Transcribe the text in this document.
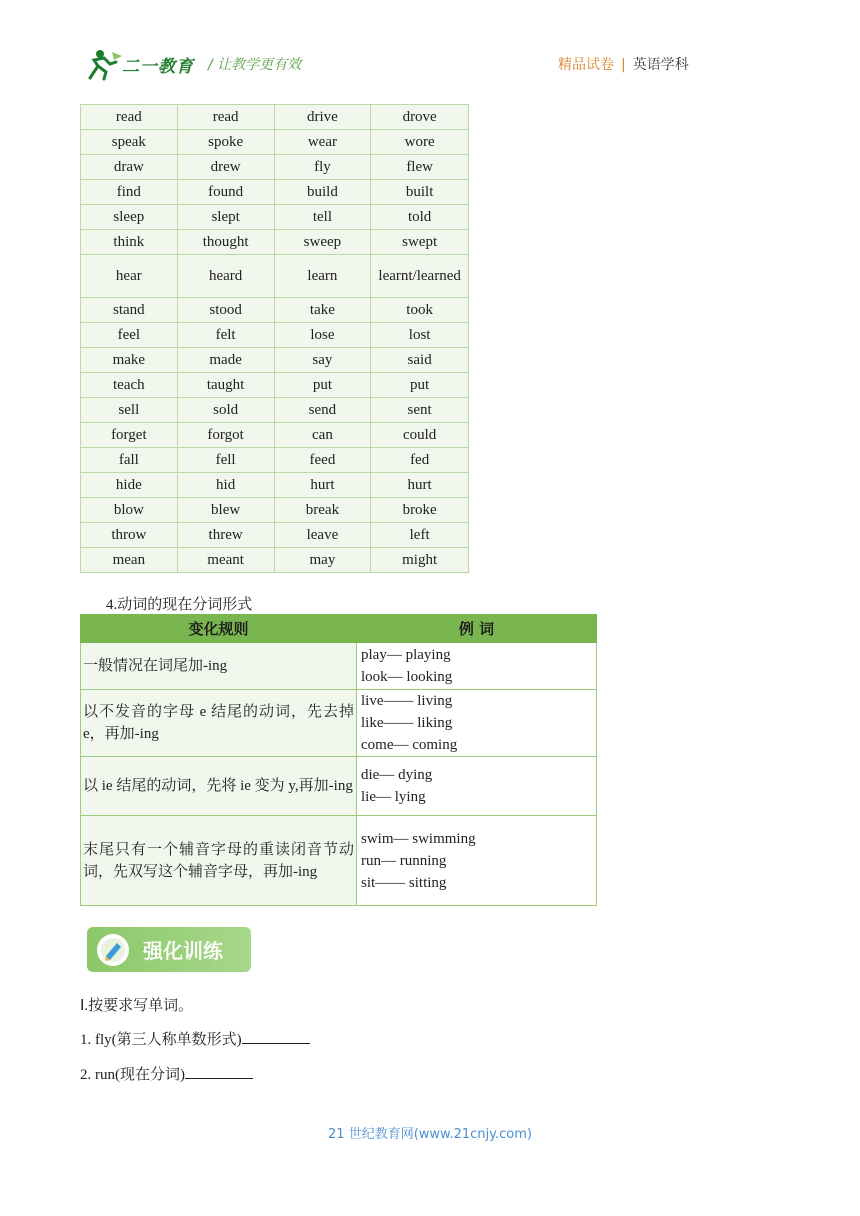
二一教育 / 让教学更有效	精品试卷 | 英语学科
read	read	drive	drove
speak	spoke	wear	wore
draw	drew	fly	flew
find	found	build	built
sleep	slept	tell	told
think	thought	sweep	swept
hear	heard	learn	learnt/learned
stand	stood	take	took
feel	felt	lose	lost
make	made	say	said
teach	taught	put	put
sell	sold	send	sent
forget	forgot	can	could
fall	fell	feed	fed
hide	hid	hurt	hurt
blow	blew	break	broke
throw	threw	leave	left
mean	meant	may	might
4.动词的现在分词形式
变化规则	例 词
一般情况在词尾加-ing	play— playing
look— looking

以不发音的字母 e 结尾的动词，先去掉 e，再加-ing	live—— living
like—— liking
come— coming

以 ie 结尾的动词，先将 ie 变为 y,再加-ing	die— dying
lie— lying

末尾只有一个辅音字母的重读闭音节动词，先双写这个辅音字母，再加-ing	swim— swimming
run— running
sit—— sitting
强化训练
Ⅰ.按要求写单词。
1. fly(第三人称单数形式)
2. run(现在分词)
21 世纪教育网(www.21cnjy.com)
